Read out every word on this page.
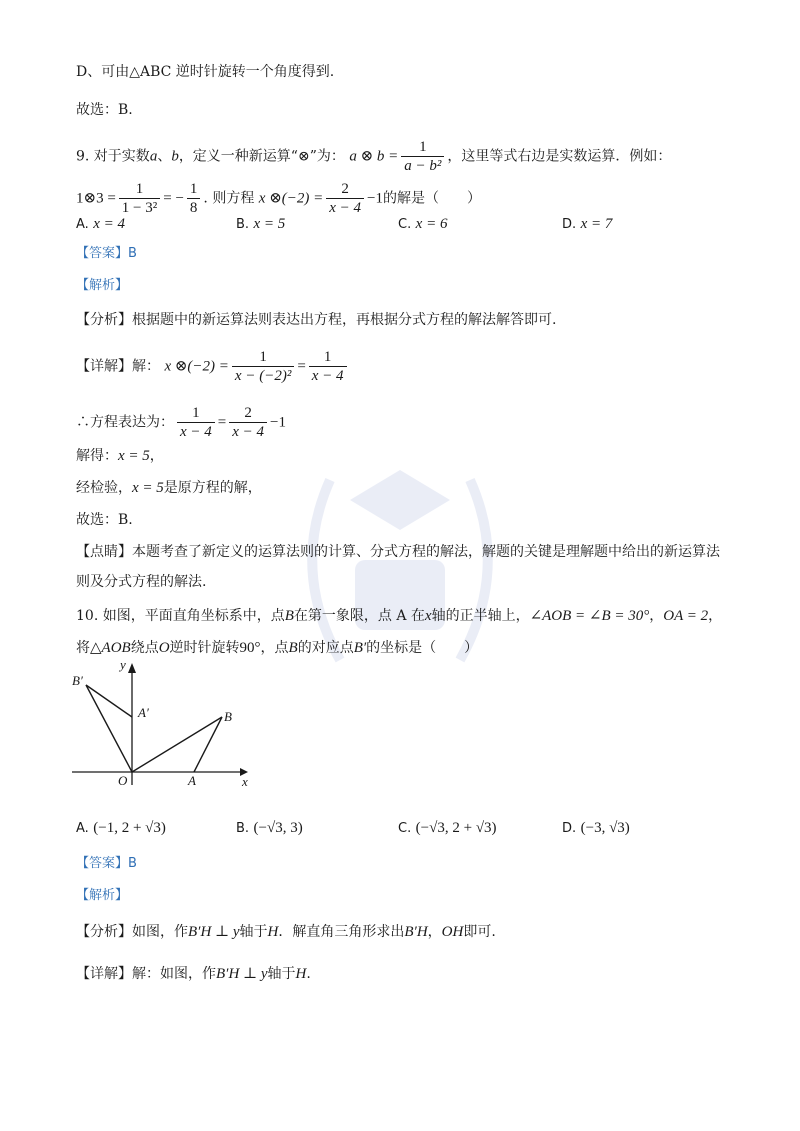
D、可由△ABC 逆时针旋转一个角度得到.
故选：B.
9. 对于实数a、b，定义一种新运算“⊗”为： a ⊗ $b = \frac{1}{\text{a − b²}}$ ，这里等式右边是实数运算．例如：
1⊗3 = $\frac{1}{\text{1 − 3²}}$ = − $\frac{1}{8}$ . 则方程 x ⊗(−2) = $\frac{2}{x - 4} -1$的解是（　　）
A. x = 4	B. x = 5	C. x = 6	D. x = 7
【答案】B
【解析】
【分析】根据题中的新运算法则表达出方程，再根据分式方程的解法解答即可.
【详解】解： x ⊗(−2) = $\frac{1}{\text{x − (−2)²}} = \frac{1}{x - 4}$
∴方程表达为： $\frac{1}{x - 4} = \frac{2}{x - 4} -1$
解得：x = 5，
经检验，x = 5是原方程的解，
故选：B.
【点睛】本题考查了新定义的运算法则的计算、分式方程的解法，解题的关键是理解题中给出的新运算法
则及分式方程的解法.
10. 如图，平面直角坐标系中，点B在第一象限，点 A 在x轴的正半轴上，∠AOB = ∠B = 30°，OA = 2，
将△AOB绕点O逆时针旋转90°，点B的对应点B′的坐标是（　　）
y
x
O	A
B
A′
B′
A. (−1, 2 + √3)	B. (−√3, 3)	C. (−√3, 2 + √3)	D. (−3, √3)
【答案】B
【解析】
【分析】如图，作B′H ⊥ y轴于H．解直角三角形求出B′H，OH即可.
【详解】解：如图，作B′H ⊥ y轴于H.
